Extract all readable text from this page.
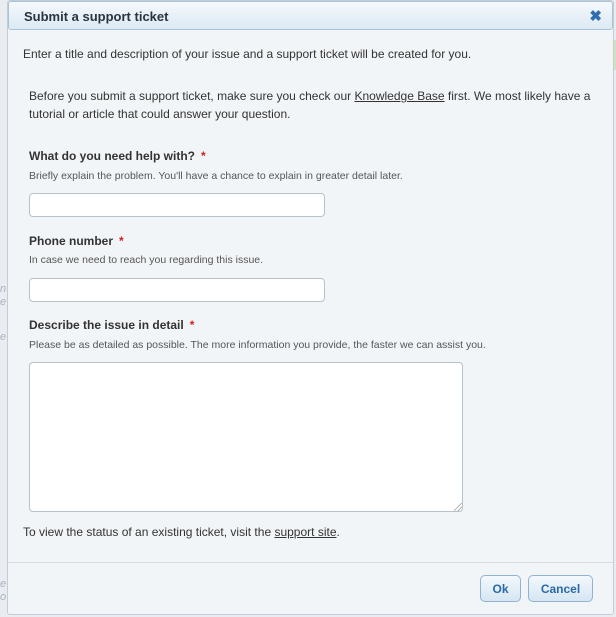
n
e
e
e
o
Submit a support ticket	✖
Enter a title and description of your issue and a support ticket will be created for you.
Before you submit a support ticket, make sure you check our Knowledge Base first. We most likely have a tutorial or article that could answer your question.
What do you need help with? *
Briefly explain the problem. You'll have a chance to explain in greater detail later.
Phone number *
In case we need to reach you regarding this issue.
Describe the issue in detail *
Please be as detailed as possible. The more information you provide, the faster we can assist you.
To view the status of an existing ticket, visit the support site.
Ok	Cancel
